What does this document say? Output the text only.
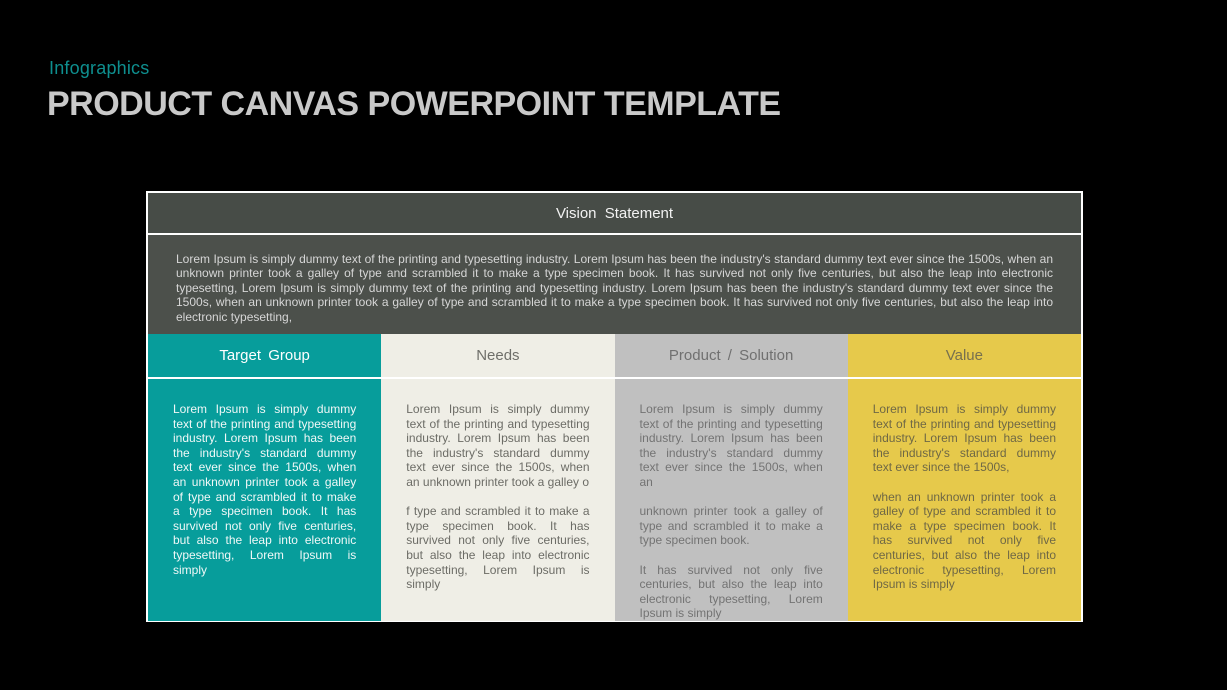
Infographics
PRODUCT CANVAS POWERPOINT TEMPLATE
Vision Statement

Lorem Ipsum is simply dummy text of the printing and typesetting industry. Lorem Ipsum has been the industry's standard dummy text ever since the 1500s, when an unknown printer took a galley of type and scrambled it to make a type specimen book. It has survived not only five centuries, but also the leap into electronic typesetting, Lorem Ipsum is simply dummy text of the printing and typesetting industry. Lorem Ipsum has been the industry's standard dummy text ever since the 1500s, when an unknown printer took a galley of type and scrambled it to make a type specimen book. It has survived not only five centuries, but also the leap into electronic typesetting,

Target Group

Lorem Ipsum is simply dummy text of the printing and typesetting industry. Lorem Ipsum has been the industry's standard dummy text ever since the 1500s, when an unknown printer took a galley of type and scrambled it to make a type specimen book. It has survived not only five centuries, but also the leap into electronic typesetting, Lorem Ipsum is simply

Needs

Lorem Ipsum is simply dummy text of the printing and typesetting industry. Lorem Ipsum has been the industry's standard dummy text ever since the 1500s, when an unknown printer took a galley o

f type and scrambled it to make a type specimen book. It has survived not only five centuries, but also the leap into electronic typesetting, Lorem Ipsum is simply

Product / Solution

Lorem Ipsum is simply dummy text of the printing and typesetting industry. Lorem Ipsum has been the industry's standard dummy text ever since the 1500s, when an

unknown printer took a galley of type and scrambled it to make a type specimen book.

It has survived not only five centuries, but also the leap into electronic typesetting, Lorem Ipsum is simply

Value

Lorem Ipsum is simply dummy text of the printing and typesetting industry. Lorem Ipsum has been the industry's standard dummy text ever since the 1500s,

when an unknown printer took a galley of type and scrambled it to make a type specimen book. It has survived not only five centuries, but also the leap into electronic typesetting, Lorem Ipsum is simply
